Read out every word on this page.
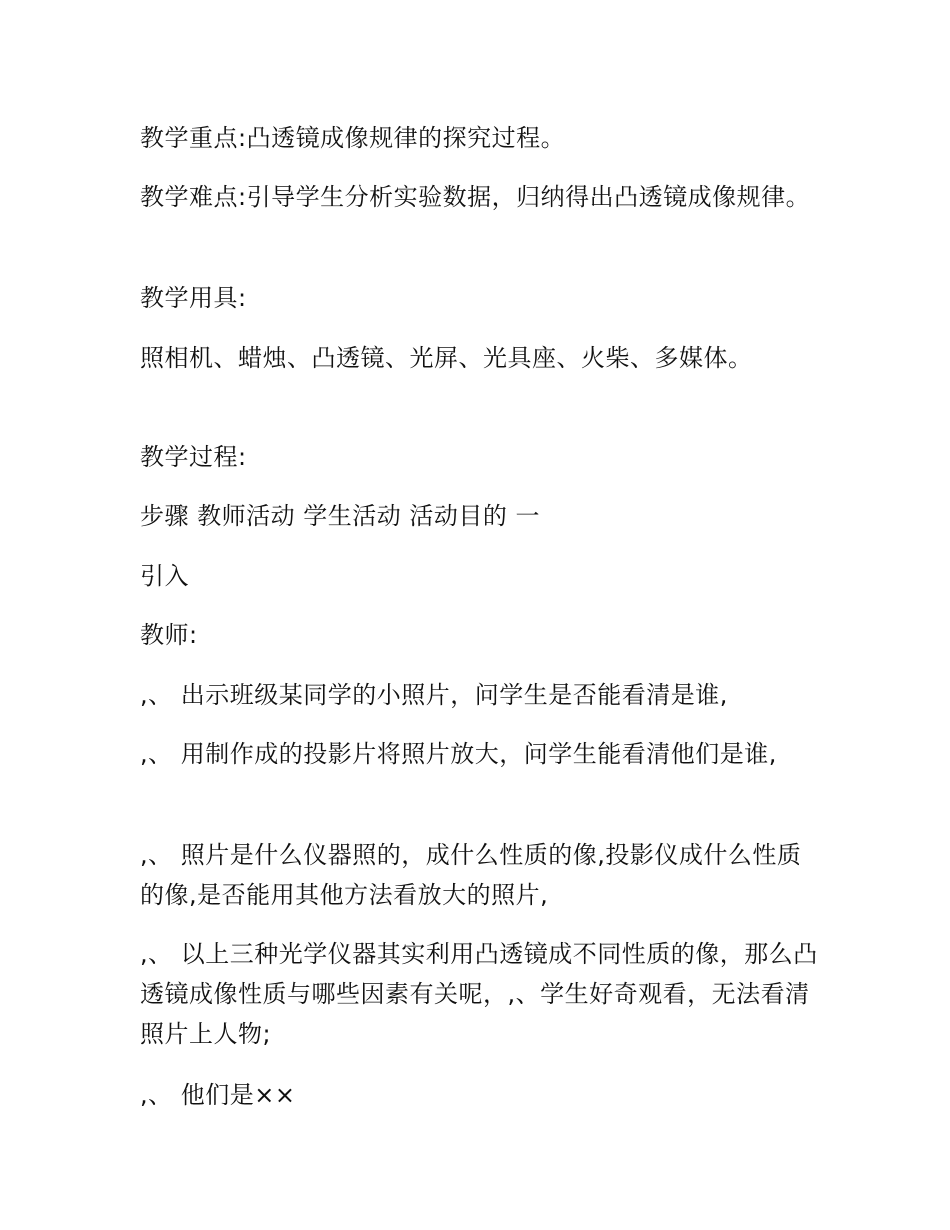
教学重点:凸透镜成像规律的探究过程。

教学难点:引导学生分析实验数据，归纳得出凸透镜成像规律。

教学用具:

照相机、蜡烛、凸透镜、光屏、光具座、火柴、多媒体。

教学过程:

步骤 教师活动 学生活动 活动目的 一

引入

教师:

,、 出示班级某同学的小照片，问学生是否能看清是谁,

,、 用制作成的投影片将照片放大，问学生能看清他们是谁,

,、 照片是什么仪器照的，成什么性质的像,投影仪成什么性质的像,是否能用其他方法看放大的照片,

,、 以上三种光学仪器其实利用凸透镜成不同性质的像，那么凸透镜成像性质与哪些因素有关呢，,、学生好奇观看，无法看清照片上人物;

,、 他们是××
